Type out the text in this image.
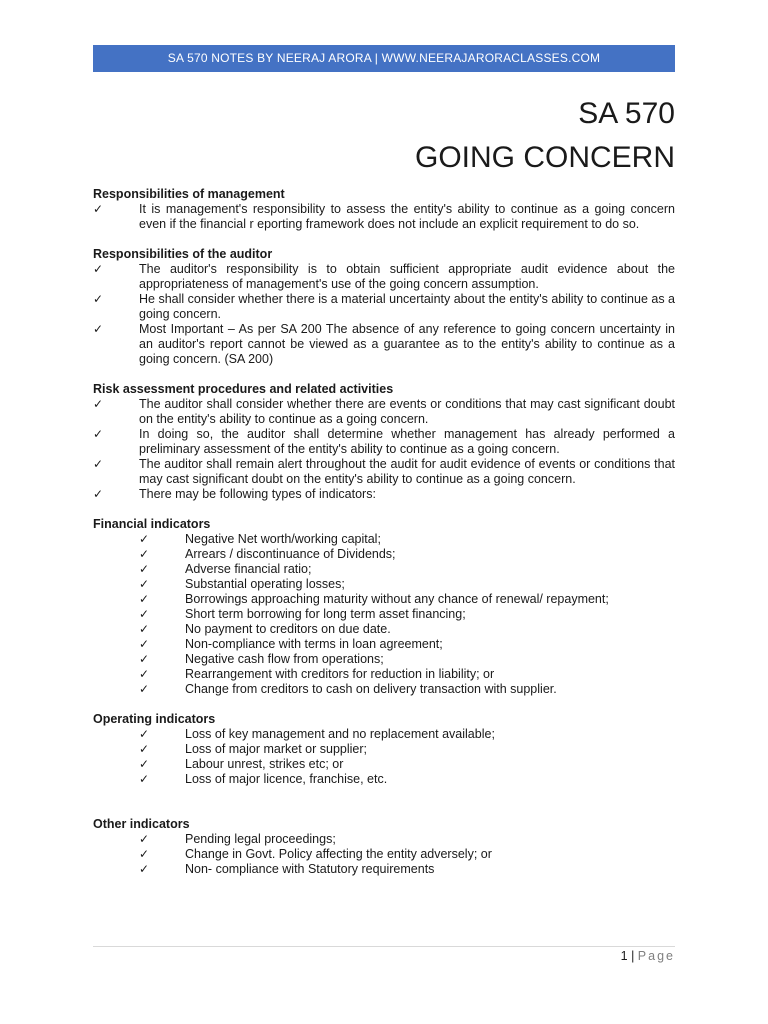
SA 570 NOTES BY NEERAJ ARORA | WWW.NEERAJARORACLASSES.COM
SA 570
GOING CONCERN
Responsibilities of management
✓	It is management's responsibility to assess the entity's ability to continue as a going concern even if the financial r eporting framework does not include an explicit requirement to do so.
Responsibilities of the auditor
✓	The auditor's responsibility is to obtain sufficient appropriate audit evidence about the appropriateness of management's use of the going concern assumption.
✓	He shall consider whether there is a material uncertainty about the entity's ability to continue as a going concern.
✓	Most Important – As per SA 200 The absence of any reference to going concern uncertainty in an auditor's report cannot be viewed as a guarantee as to the entity's ability to continue as a going concern. (SA 200)
Risk assessment procedures and related activities
✓	The auditor shall consider whether there are events or conditions that may cast significant doubt on the entity's ability to continue as a going concern.
✓	In doing so, the auditor shall determine whether management has already performed a preliminary assessment of the entity's ability to continue as a going concern.
✓	The auditor shall remain alert throughout the audit for audit evidence of events or conditions that may cast significant doubt on the entity's ability to continue as a going concern.
✓	There may be following types of indicators:
Financial indicators
✓	Negative Net worth/working capital;
✓	Arrears / discontinuance of Dividends;
✓	Adverse financial ratio;
✓	Substantial operating losses;
✓	Borrowings approaching maturity without any chance of renewal/ repayment;
✓	Short term borrowing for long term asset financing;
✓	No payment to creditors on due date.
✓	Non-compliance with terms in loan agreement;
✓	Negative cash flow from operations;
✓	Rearrangement with creditors for reduction in liability; or
✓	Change from creditors to cash on delivery transaction with supplier.
Operating indicators
✓	Loss of key management and no replacement available;
✓	Loss of major market or supplier;
✓	Labour unrest, strikes etc; or
✓	Loss of major licence, franchise, etc.
Other indicators
✓	Pending legal proceedings;
✓	Change in Govt. Policy affecting the entity adversely; or
✓	Non- compliance with Statutory requirements
1 | Page
